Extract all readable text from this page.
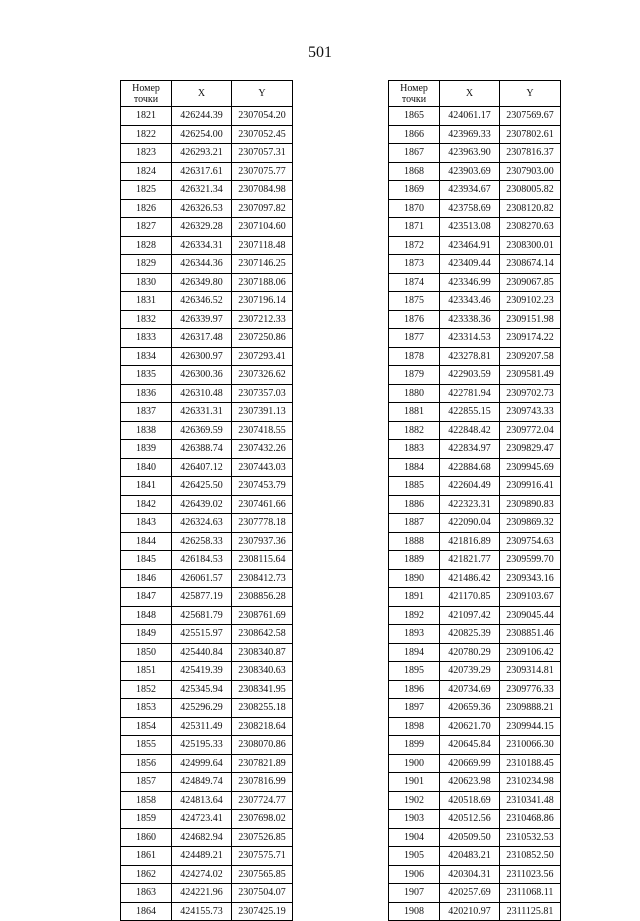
501
Номер точки	X	Y
1821	426244.39	2307054.20
1822	426254.00	2307052.45
1823	426293.21	2307057.31
1824	426317.61	2307075.77
1825	426321.34	2307084.98
1826	426326.53	2307097.82
1827	426329.28	2307104.60
1828	426334.31	2307118.48
1829	426344.36	2307146.25
1830	426349.80	2307188.06
1831	426346.52	2307196.14
1832	426339.97	2307212.33
1833	426317.48	2307250.86
1834	426300.97	2307293.41
1835	426300.36	2307326.62
1836	426310.48	2307357.03
1837	426331.31	2307391.13
1838	426369.59	2307418.55
1839	426388.74	2307432.26
1840	426407.12	2307443.03
1841	426425.50	2307453.79
1842	426439.02	2307461.66
1843	426324.63	2307778.18
1844	426258.33	2307937.36
1845	426184.53	2308115.64
1846	426061.57	2308412.73
1847	425877.19	2308856.28
1848	425681.79	2308761.69
1849	425515.97	2308642.58
1850	425440.84	2308340.87
1851	425419.39	2308340.63
1852	425345.94	2308341.95
1853	425296.29	2308255.18
1854	425311.49	2308218.64
1855	425195.33	2308070.86
1856	424999.64	2307821.89
1857	424849.74	2307816.99
1858	424813.64	2307724.77
1859	424723.41	2307698.02
1860	424682.94	2307526.85
1861	424489.21	2307575.71
1862	424274.02	2307565.85
1863	424221.96	2307504.07
1864	424155.73	2307425.19
Номер точки	X	Y
1865	424061.17	2307569.67
1866	423969.33	2307802.61
1867	423963.90	2307816.37
1868	423903.69	2307903.00
1869	423934.67	2308005.82
1870	423758.69	2308120.82
1871	423513.08	2308270.63
1872	423464.91	2308300.01
1873	423409.44	2308674.14
1874	423346.99	2309067.85
1875	423343.46	2309102.23
1876	423338.36	2309151.98
1877	423314.53	2309174.22
1878	423278.81	2309207.58
1879	422903.59	2309581.49
1880	422781.94	2309702.73
1881	422855.15	2309743.33
1882	422848.42	2309772.04
1883	422834.97	2309829.47
1884	422884.68	2309945.69
1885	422604.49	2309916.41
1886	422323.31	2309890.83
1887	422090.04	2309869.32
1888	421816.89	2309754.63
1889	421821.77	2309599.70
1890	421486.42	2309343.16
1891	421170.85	2309103.67
1892	421097.42	2309045.44
1893	420825.39	2308851.46
1894	420780.29	2309106.42
1895	420739.29	2309314.81
1896	420734.69	2309776.33
1897	420659.36	2309888.21
1898	420621.70	2309944.15
1899	420645.84	2310066.30
1900	420669.99	2310188.45
1901	420623.98	2310234.98
1902	420518.69	2310341.48
1903	420512.56	2310468.86
1904	420509.50	2310532.53
1905	420483.21	2310852.50
1906	420304.31	2311023.56
1907	420257.69	2311068.11
1908	420210.97	2311125.81
